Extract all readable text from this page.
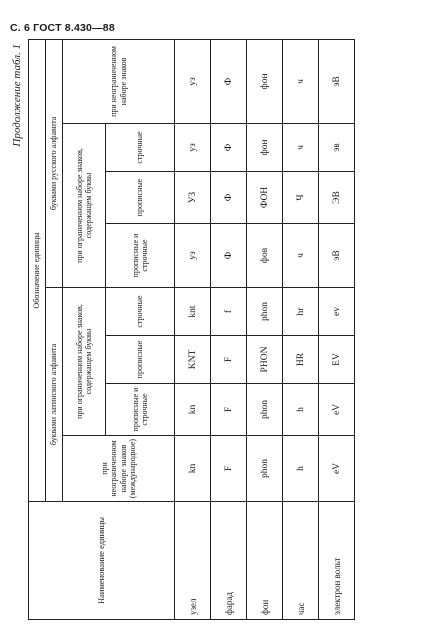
С. 6 ГОСТ 8.430—88
Продолжение табл. 1
Наименование единицы	Обозначение единицы							
	буквами латинского алфавита				буквами русского алфавита			
	при неограниченном наборе знаков (международное)	при ограниченном наборе знаков, содержащем буквы			при ограниченном наборе знаков, содержащем буквы			при неограниченном наборе знаков
		прописные и строчные	прописные	строчные	прописные и строчные	прописные	строчные	
узел	kn	kn	KNT	knt	уз	УЗ	уз	уз
фарад	F	F	F	f	Ф	Ф	Ф	Ф
фон	phon	phon	PHON	phon	фов	ФОН	фон	фон
час	h	h	HR	hr	ч	Ч	ч	ч
электрон вольт	eV	eV	EV	ev	эВ	ЭВ	эв	эВ
